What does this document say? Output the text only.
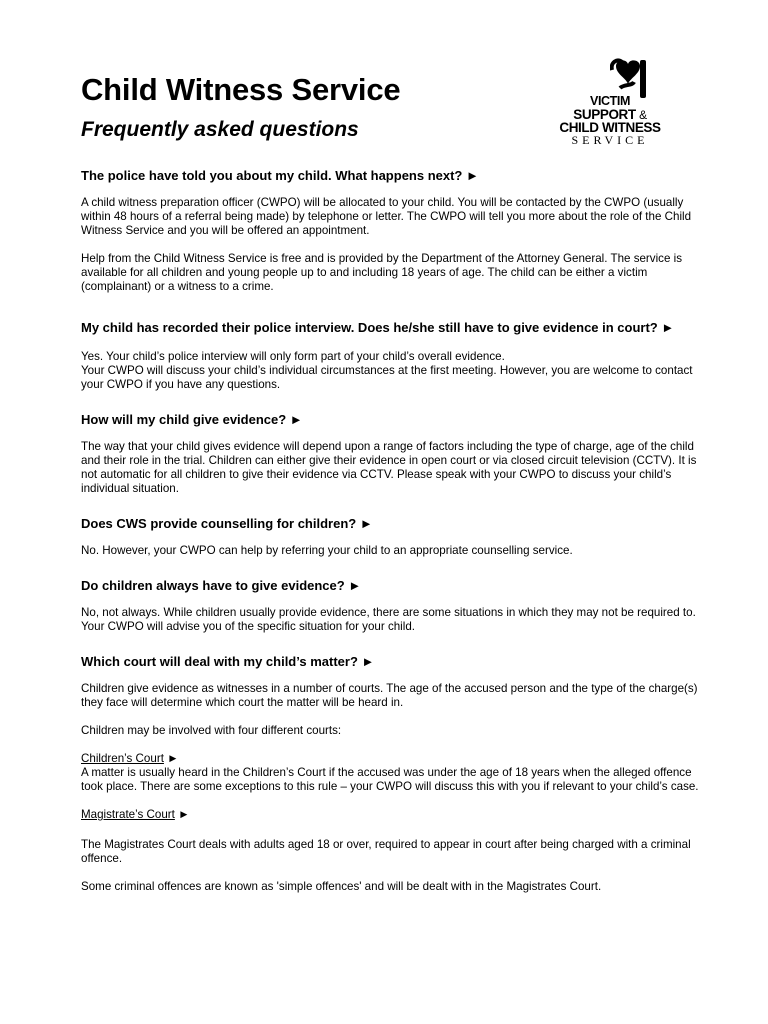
Child Witness Service
Frequently asked questions
VICTIM
SUPPORT &
CHILD WITNESS
SERVICE

The police have told you about my child. What happens next? ►

A child witness preparation officer (CWPO) will be allocated to your child. You will be contacted by the CWPO (usually within 48 hours of a referral being made) by telephone or letter. The CWPO will tell you more about the role of the Child Witness Service and you will be offered an appointment.

Help from the Child Witness Service is free and is provided by the Department of the Attorney General. The service is available for all children and young people up to and including 18 years of age. The child can be either a victim (complainant) or a witness to a crime.

My child has recorded their police interview. Does he/she still have to give evidence in court? ►

Yes. Your child’s police interview will only form part of your child’s overall evidence.

Your CWPO will discuss your child’s individual circumstances at the first meeting. However, you are welcome to contact your CWPO if you have any questions.

How will my child give evidence? ►

The way that your child gives evidence will depend upon a range of factors including the type of charge, age of the child and their role in the trial. Children can either give their evidence in open court or via closed circuit television (CCTV). It is not automatic for all children to give their evidence via CCTV. Please speak with your CWPO to discuss your child’s individual situation.

Does CWS provide counselling for children? ►

No. However, your CWPO can help by referring your child to an appropriate counselling service.

Do children always have to give evidence? ►

No, not always. While children usually provide evidence, there are some situations in which they may not be required to. Your CWPO will advise you of the specific situation for your child.

Which court will deal with my child’s matter? ►

Children give evidence as witnesses in a number of courts. The age of the accused person and the type of the charge(s) they face will determine which court the matter will be heard in.

Children may be involved with four different courts:

Children’s Court ►

A matter is usually heard in the Children’s Court if the accused was under the age of 18 years when the alleged offence took place. There are some exceptions to this rule – your CWPO will discuss this with you if relevant to your child’s case.

Magistrate’s Court ►

The Magistrates Court deals with adults aged 18 or over, required to appear in court after being charged with a criminal offence.

Some criminal offences are known as 'simple offences' and will be dealt with in the Magistrates Court.
